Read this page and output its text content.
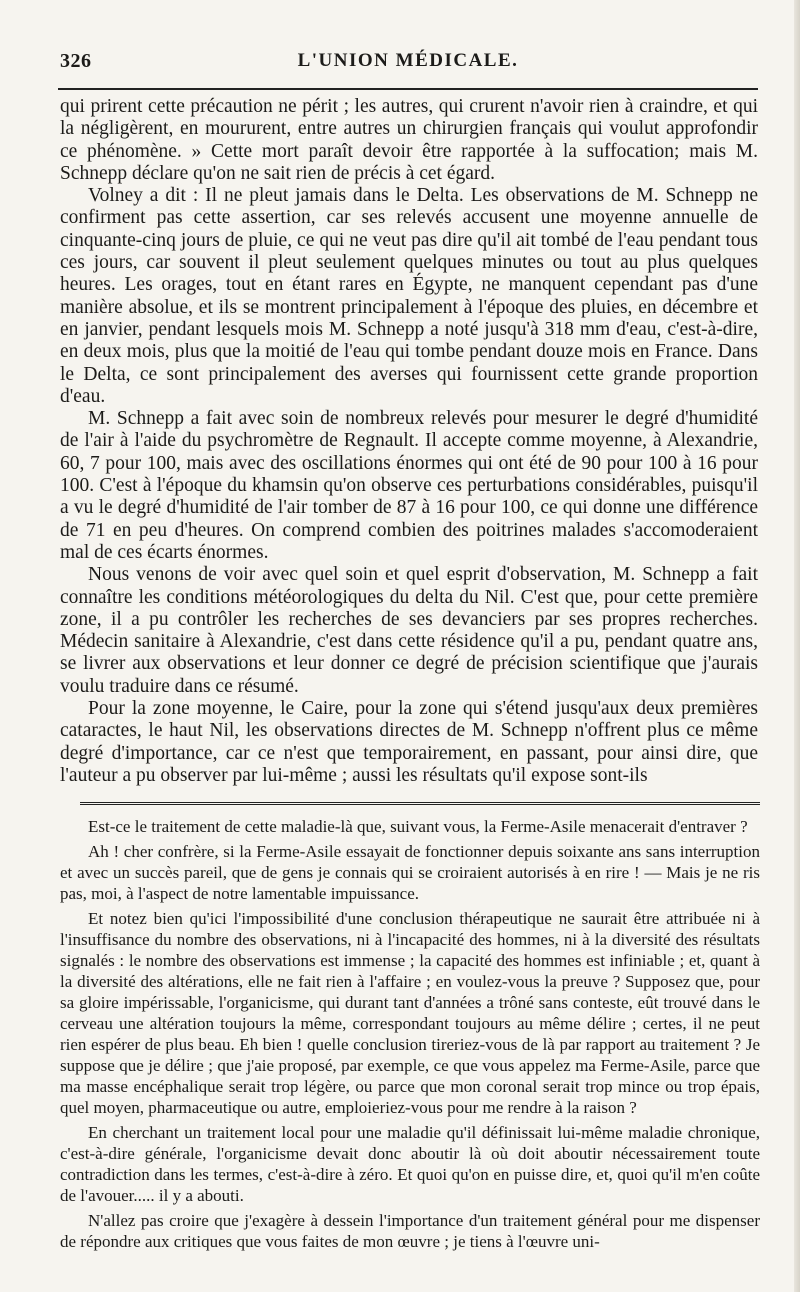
326	L'UNION MÉDICALE.

qui prirent cette précaution ne périt ; les autres, qui crurent n'avoir rien à craindre, et qui la négligèrent, en moururent, entre autres un chirurgien français qui voulut approfondir ce phénomène. » Cette mort paraît devoir être rapportée à la suffocation; mais M. Schnepp déclare qu'on ne sait rien de précis à cet égard.

Volney a dit : Il ne pleut jamais dans le Delta. Les observations de M. Schnepp ne confirment pas cette assertion, car ses relevés accusent une moyenne annuelle de cinquante-cinq jours de pluie, ce qui ne veut pas dire qu'il ait tombé de l'eau pendant tous ces jours, car souvent il pleut seulement quelques minutes ou tout au plus quelques heures. Les orages, tout en étant rares en Égypte, ne manquent cependant pas d'une manière absolue, et ils se montrent principalement à l'époque des pluies, en décembre et en janvier, pendant lesquels mois M. Schnepp a noté jusqu'à 318 mm d'eau, c'est-à-dire, en deux mois, plus que la moitié de l'eau qui tombe pendant douze mois en France. Dans le Delta, ce sont principalement des averses qui fournissent cette grande proportion d'eau.

M. Schnepp a fait avec soin de nombreux relevés pour mesurer le degré d'humidité de l'air à l'aide du psychromètre de Regnault. Il accepte comme moyenne, à Alexandrie, 60, 7 pour 100, mais avec des oscillations énormes qui ont été de 90 pour 100 à 16 pour 100. C'est à l'époque du khamsin qu'on observe ces perturbations considérables, puisqu'il a vu le degré d'humidité de l'air tomber de 87 à 16 pour 100, ce qui donne une différence de 71 en peu d'heures. On comprend combien des poitrines malades s'accomoderaient mal de ces écarts énormes.

Nous venons de voir avec quel soin et quel esprit d'observation, M. Schnepp a fait connaître les conditions météorologiques du delta du Nil. C'est que, pour cette première zone, il a pu contrôler les recherches de ses devanciers par ses propres recherches. Médecin sanitaire à Alexandrie, c'est dans cette résidence qu'il a pu, pendant quatre ans, se livrer aux observations et leur donner ce degré de précision scientifique que j'aurais voulu traduire dans ce résumé.

Pour la zone moyenne, le Caire, pour la zone qui s'étend jusqu'aux deux premières cataractes, le haut Nil, les observations directes de M. Schnepp n'offrent plus ce même degré d'importance, car ce n'est que temporairement, en passant, pour ainsi dire, que l'auteur a pu observer par lui-même ; aussi les résultats qu'il expose sont-ils

Est-ce le traitement de cette maladie-là que, suivant vous, la Ferme-Asile menacerait d'entraver ?

Ah ! cher confrère, si la Ferme-Asile essayait de fonctionner depuis soixante ans sans interruption et avec un succès pareil, que de gens je connais qui se croiraient autorisés à en rire ! — Mais je ne ris pas, moi, à l'aspect de notre lamentable impuissance.

Et notez bien qu'ici l'impossibilité d'une conclusion thérapeutique ne saurait être attribuée ni à l'insuffisance du nombre des observations, ni à l'incapacité des hommes, ni à la diversité des résultats signalés : le nombre des observations est immense ; la capacité des hommes est infiniable ; et, quant à la diversité des altérations, elle ne fait rien à l'affaire ; en voulez-vous la preuve ? Supposez que, pour sa gloire impérissable, l'organicisme, qui durant tant d'années a trôné sans conteste, eût trouvé dans le cerveau une altération toujours la même, correspondant toujours au même délire ; certes, il ne peut rien espérer de plus beau. Eh bien ! quelle conclusion tireriez-vous de là par rapport au traitement ? Je suppose que je délire ; que j'aie proposé, par exemple, ce que vous appelez ma Ferme-Asile, parce que ma masse encéphalique serait trop légère, ou parce que mon coronal serait trop mince ou trop épais, quel moyen, pharmaceutique ou autre, emploieriez-vous pour me rendre à la raison ?

En cherchant un traitement local pour une maladie qu'il définissait lui-même maladie chronique, c'est-à-dire générale, l'organicisme devait donc aboutir là où doit aboutir nécessairement toute contradiction dans les termes, c'est-à-dire à zéro. Et quoi qu'on en puisse dire, et, quoi qu'il m'en coûte de l'avouer..... il y a abouti.

N'allez pas croire que j'exagère à dessein l'importance d'un traitement général pour me dispenser de répondre aux critiques que vous faites de mon œuvre ; je tiens à l'œuvre uni-
